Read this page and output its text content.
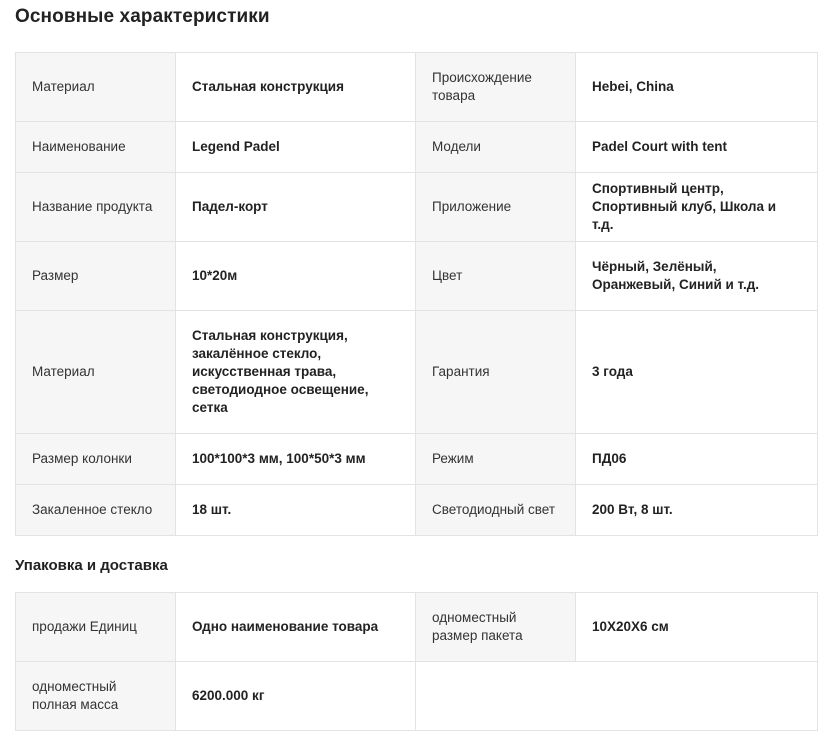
Основные характеристики
Материал	Стальная конструкция	Происхождение товара	Hebei, China
Наименование	Legend Padel	Модели	Padel Court with tent
Название продукта	Падел-корт	Приложение	Спортивный центр, Спортивный клуб, Школа и т.д.
Размер	10*20м	Цвет	Чёрный, Зелёный, Оранжевый, Синий и т.д.
Материал	Стальная конструкция, закалённое стекло, искусственная трава, светодиодное освещение, сетка	Гарантия	3 года
Размер колонки	100*100*3 мм, 100*50*3 мм	Режим	ПД06
Закаленное стекло	18 шт.	Светодиодный свет	200 Вт, 8 шт.
Упаковка и доставка
продажи Единиц	Одно наименование товара	одноместный размер пакета	10X20X6 см
одноместный полная масса	6200.000 кг		
